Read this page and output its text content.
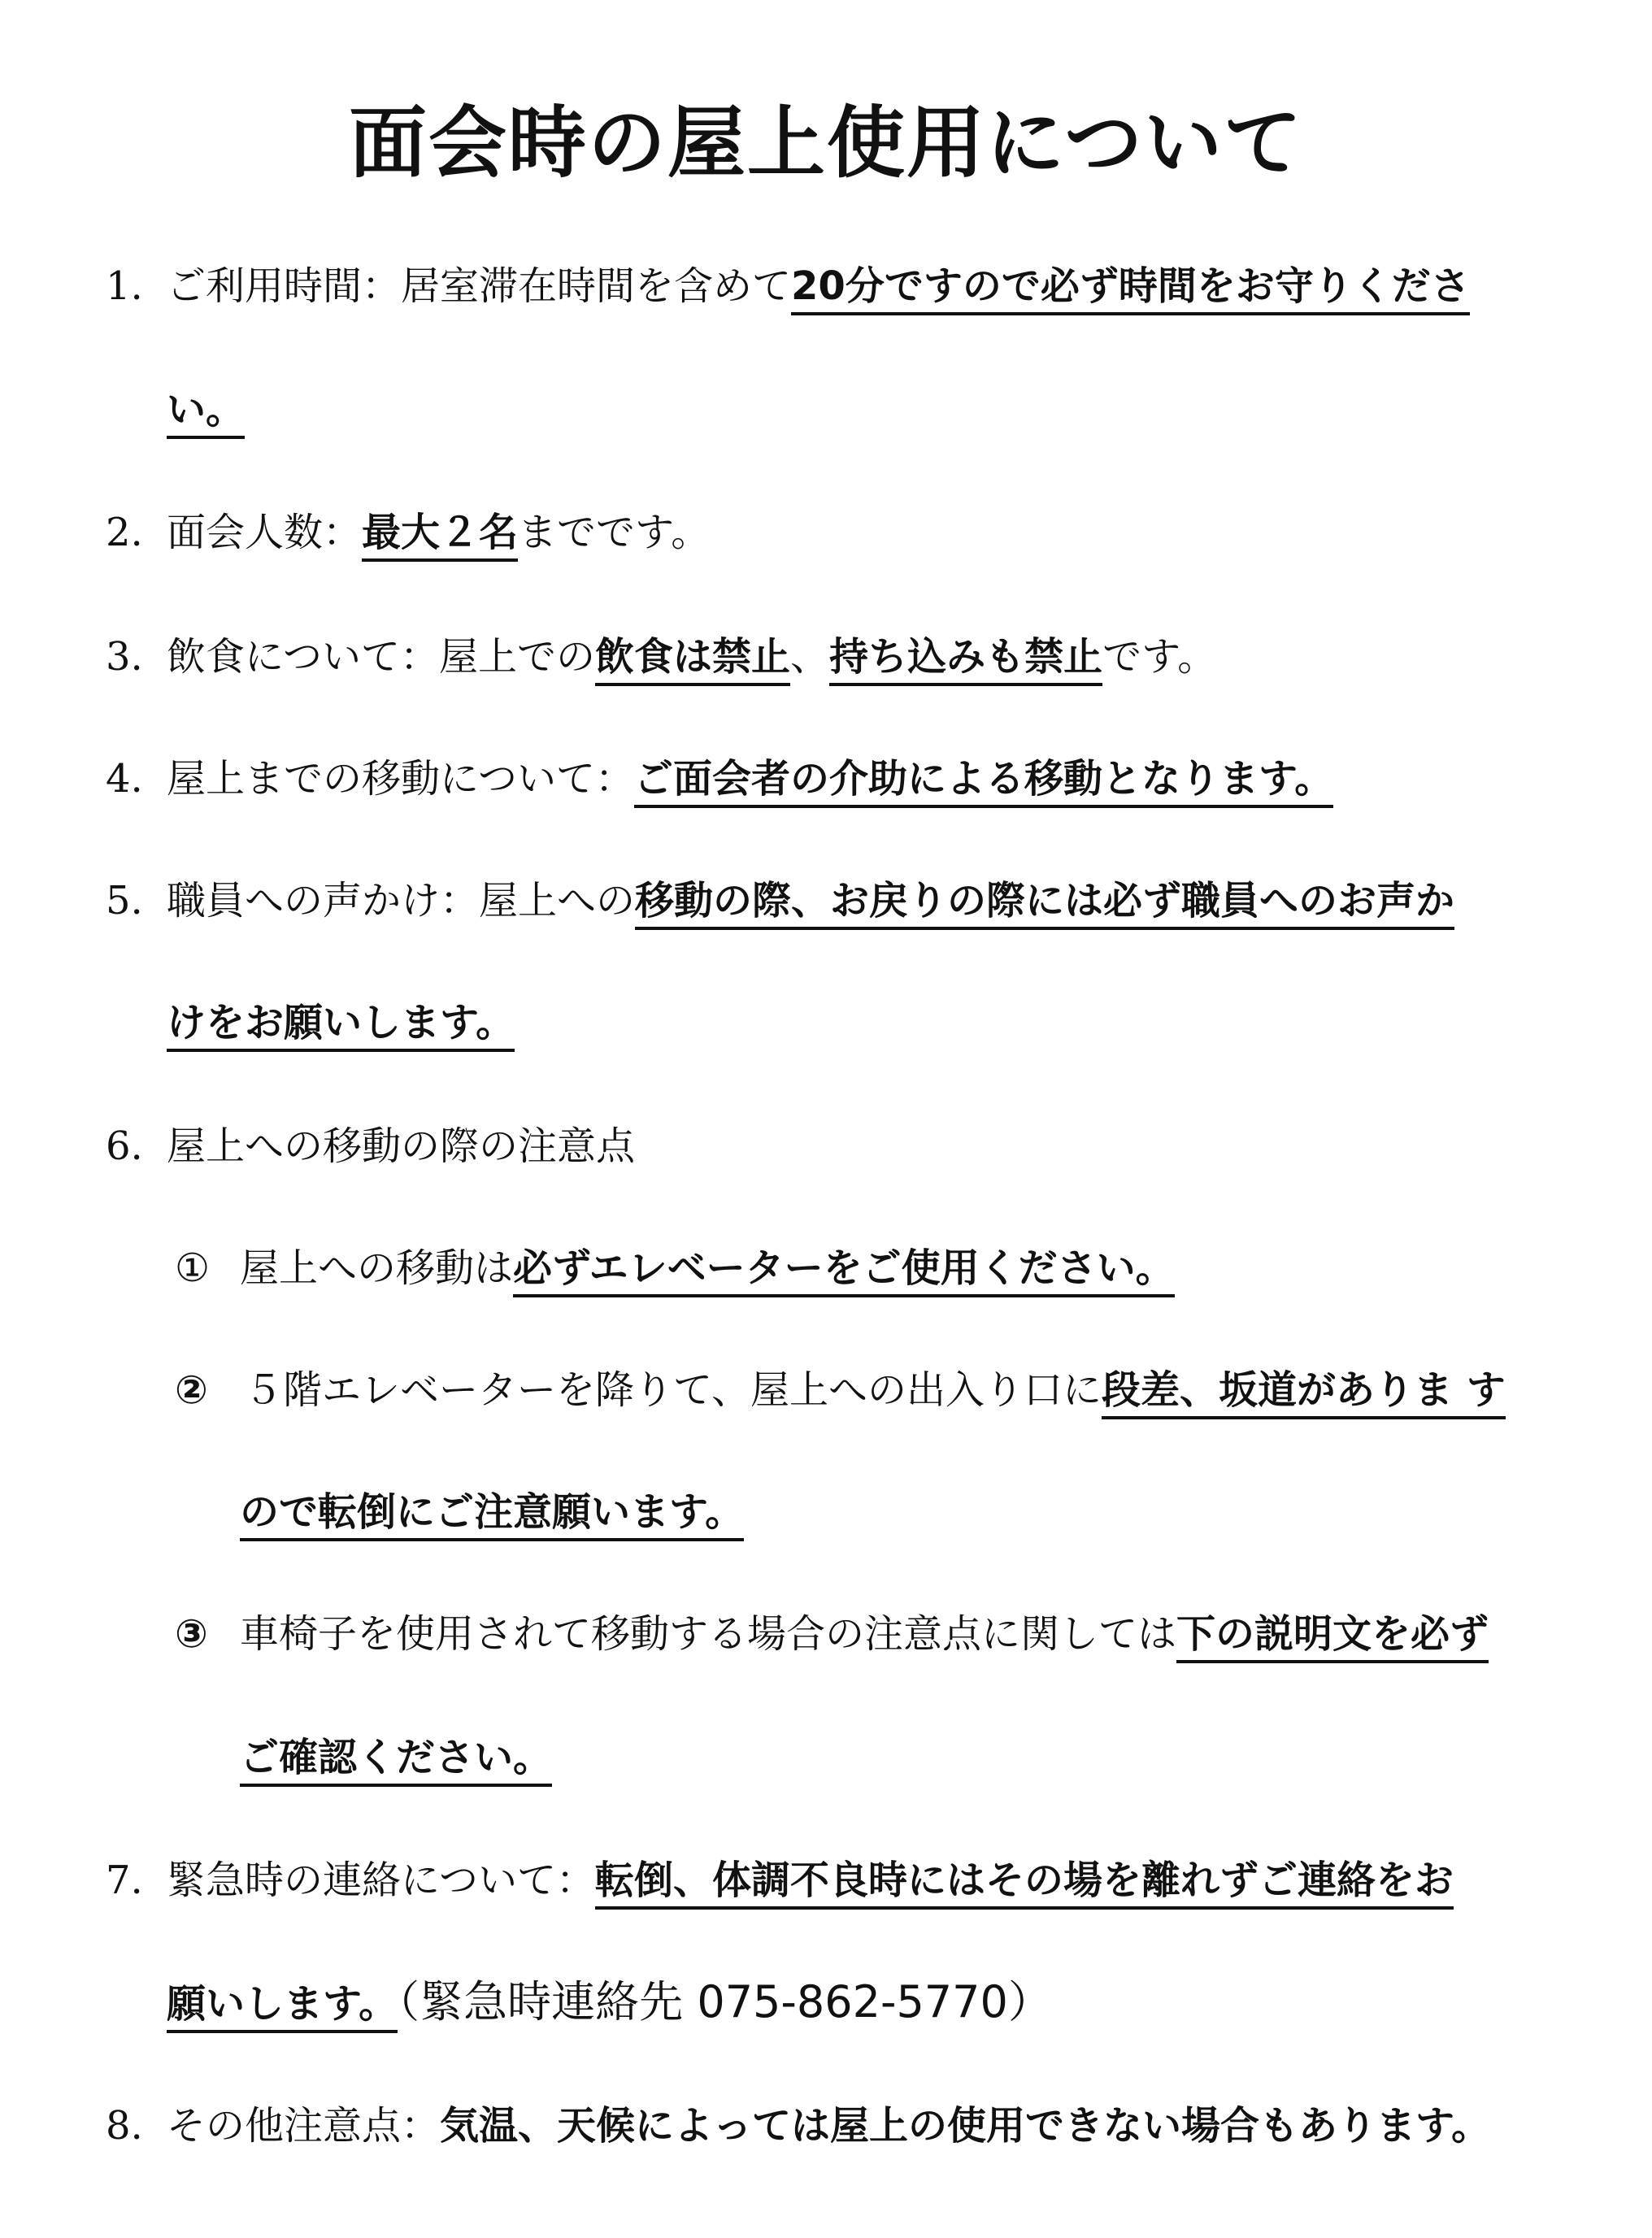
面会時の屋上使用について
1. ご利用時間：居室滞在時間を含めて20分ですので必ず時間をお守りくださ
い。
2. 面会人数：最大２名までです。
3. 飲食について：屋上での飲食は禁止、持ち込みも禁止です。
4. 屋上までの移動について：ご面会者の介助による移動となります。
5. 職員への声かけ：屋上への移動の際、お戻りの際には必ず職員へのお声か
けをお願いします。
6. 屋上への移動の際の注意点
① 屋上への移動は必ずエレベーターをご使用ください。
② ５階エレベーターを降りて、屋上への出入り口に段差、坂道がありま す
ので転倒にご注意願います。
③ 車椅子を使用されて移動する場合の注意点に関しては下の説明文を必ず
ご確認ください。
7. 緊急時の連絡について：転倒、体調不良時にはその場を離れずご連絡をお
願いします。（緊急時連絡先 075-862-5770）
8. その他注意点：気温、天候によっては屋上の使用できない場合もあります。
